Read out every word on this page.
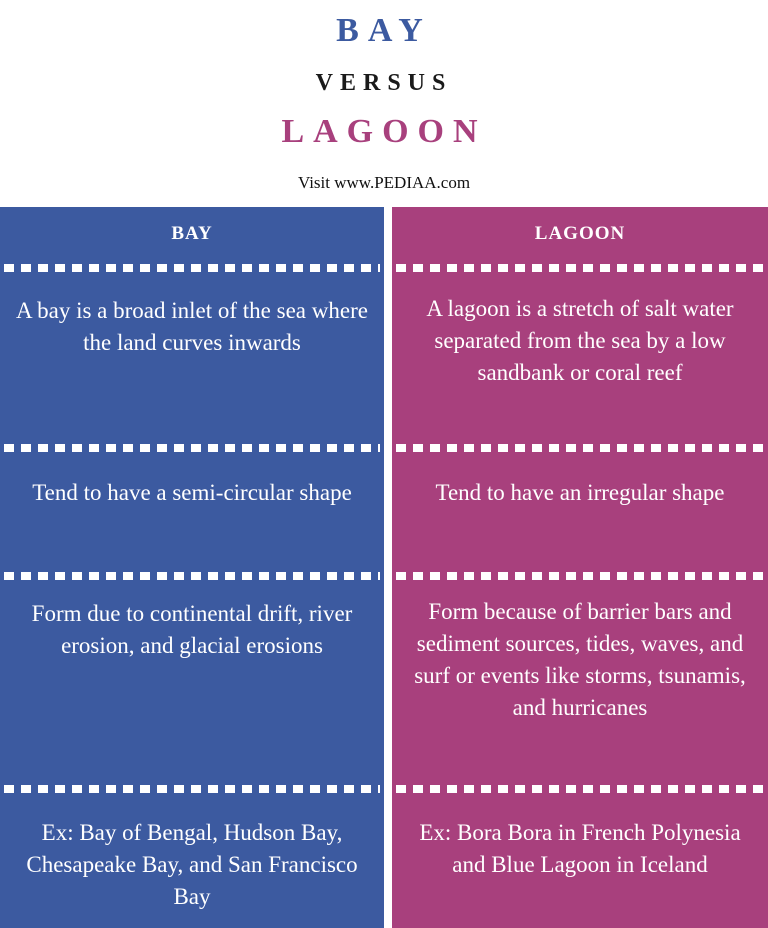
BAY
VERSUS
LAGOON
Visit www.PEDIAA.com
BAY

A bay is a broad inlet of the sea where the land curves inwards

Tend to have a semi-circular shape

Form due to continental drift, river erosion, and glacial erosions

Ex: Bay of Bengal, Hudson Bay, Chesapeake Bay, and San Francisco Bay

LAGOON

A lagoon is a stretch of salt water separated from the sea by a low sandbank or coral reef

Tend to have an irregular shape

Form because of barrier bars and sediment sources, tides, waves, and surf or events like storms, tsunamis, and hurricanes

Ex: Bora Bora in French Polynesia and Blue Lagoon in Iceland
